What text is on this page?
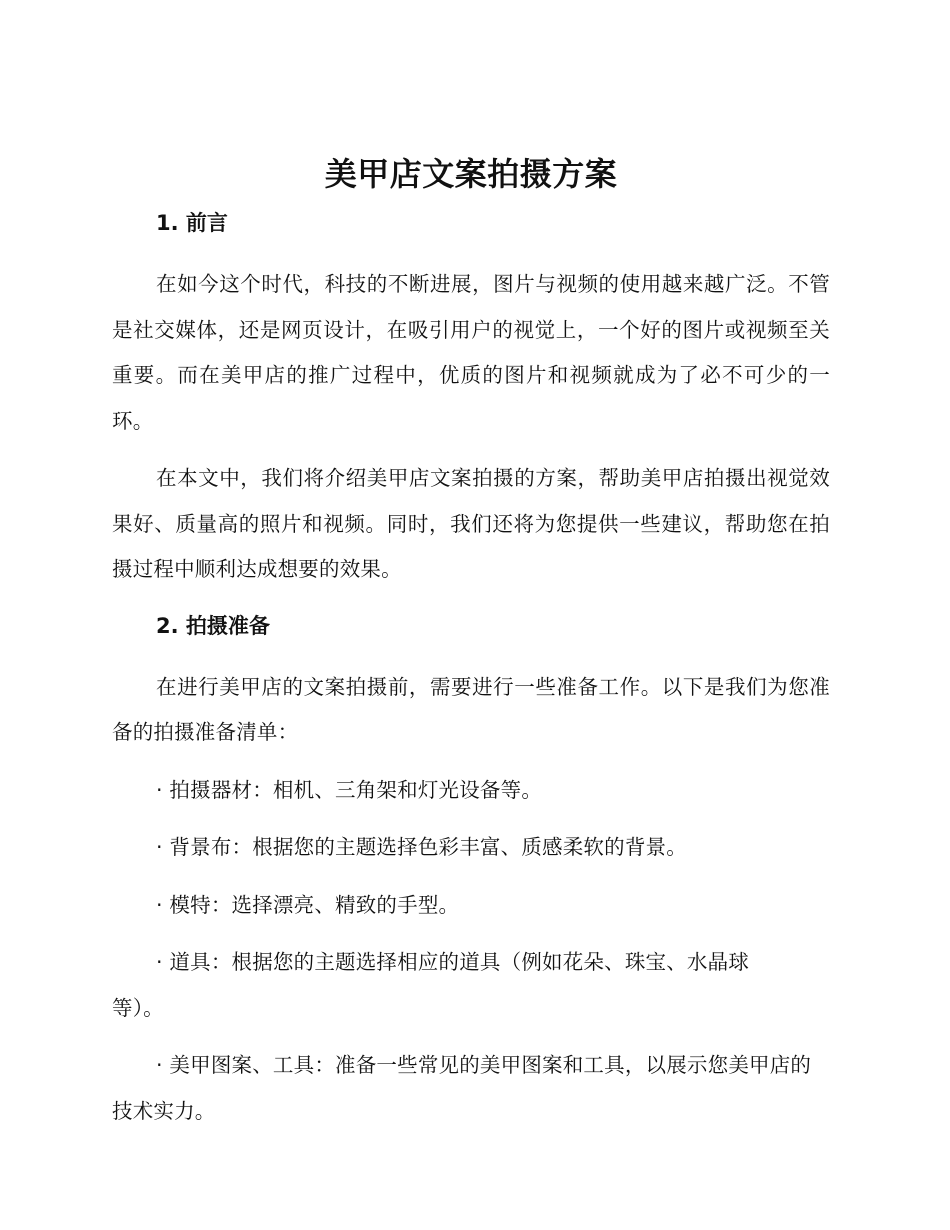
美甲店文案拍摄方案
1. 前言

在如今这个时代，科技的不断进展，图片与视频的使用越来越广泛。不管是社交媒体，还是网页设计，在吸引用户的视觉上，一个好的图片或视频至关重要。而在美甲店的推广过程中，优质的图片和视频就成为了必不可少的一环。

在本文中，我们将介绍美甲店文案拍摄的方案，帮助美甲店拍摄出视觉效果好、质量高的照片和视频。同时，我们还将为您提供一些建议，帮助您在拍摄过程中顺利达成想要的效果。

2. 拍摄准备

在进行美甲店的文案拍摄前，需要进行一些准备工作。以下是我们为您准备的拍摄准备清单：

· 拍摄器材：相机、三角架和灯光设备等。

· 背景布：根据您的主题选择色彩丰富、质感柔软的背景。

· 模特：选择漂亮、精致的手型。

· 道具：根据您的主题选择相应的道具（例如花朵、珠宝、水晶球等）。

· 美甲图案、工具：准备一些常见的美甲图案和工具，以展示您美甲店的技术实力。
